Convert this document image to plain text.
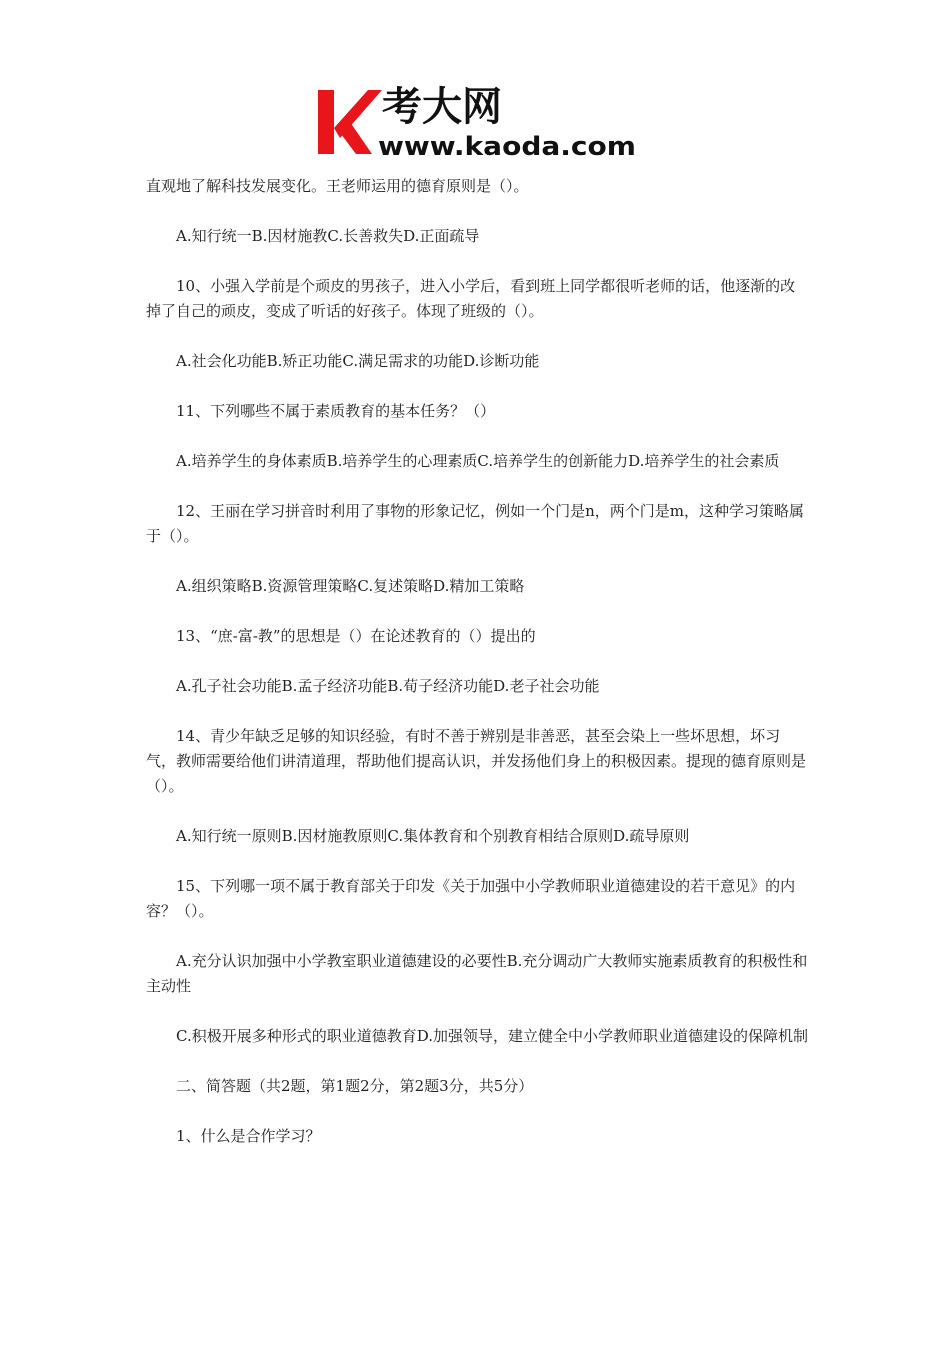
考大网
www.kaoda.com

直观地了解科技发展变化。王老师运用的德育原则是（）。

A.知行统一B.因材施教C.长善救失D.正面疏导

10、小强入学前是个顽皮的男孩子，进入小学后，看到班上同学都很听老师的话，他逐渐的改掉了自己的顽皮，变成了听话的好孩子。体现了班级的（）。

A.社会化功能B.矫正功能C.满足需求的功能D.诊断功能

11、下列哪些不属于素质教育的基本任务？（）

A.培养学生的身体素质B.培养学生的心理素质C.培养学生的创新能力D.培养学生的社会素质

12、王丽在学习拼音时利用了事物的形象记忆，例如一个门是n，两个门是m，这种学习策略属于（）。

A.组织策略B.资源管理策略C.复述策略D.精加工策略

13、“庶-富-教”的思想是（）在论述教育的（）提出的

A.孔子社会功能B.孟子经济功能B.荀子经济功能D.老子社会功能

14、青少年缺乏足够的知识经验，有时不善于辨别是非善恶，甚至会染上一些坏思想，坏习气，教师需要给他们讲清道理，帮助他们提高认识，并发扬他们身上的积极因素。提现的德育原则是（）。

A.知行统一原则B.因材施教原则C.集体教育和个别教育相结合原则D.疏导原则

15、下列哪一项不属于教育部关于印发《关于加强中小学教师职业道德建设的若干意见》的内容？（）。

A.充分认识加强中小学教室职业道德建设的必要性B.充分调动广大教师实施素质教育的积极性和主动性

C.积极开展多种形式的职业道德教育D.加强领导，建立健全中小学教师职业道德建设的保障机制

二、简答题（共2题，第1题2分，第2题3分，共5分）

1、什么是合作学习？
